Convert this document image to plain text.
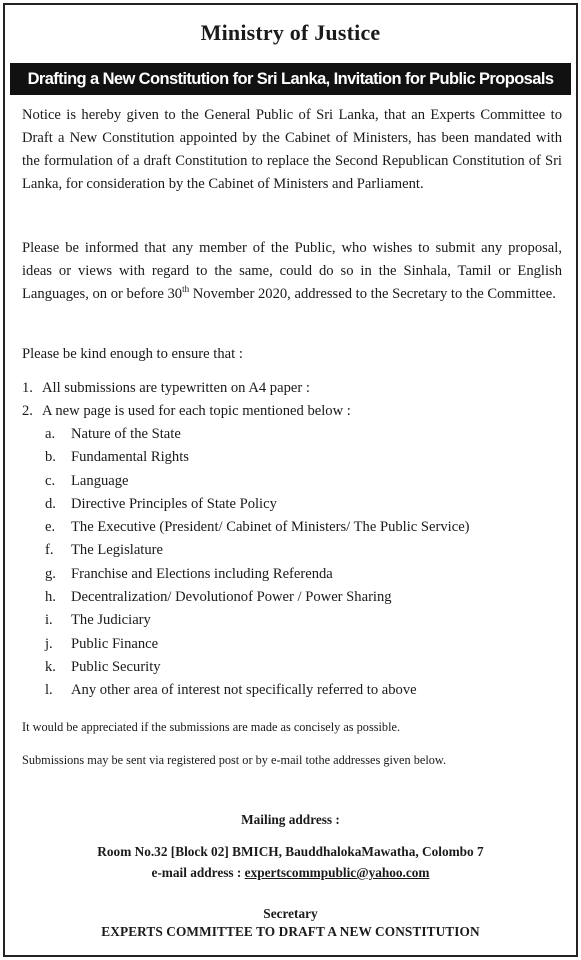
Ministry of Justice
Drafting a New Constitution for Sri Lanka, Invitation for Public Proposals
Notice is hereby given to the General Public of Sri Lanka, that an Experts Committee to Draft a New Constitution appointed by the Cabinet of Ministers, has been mandated with the formulation of a draft Constitution to replace the Second Republican Constitution of Sri Lanka, for consideration by the Cabinet of Ministers and Parliament.
Please be informed that any member of the Public, who wishes to submit any proposal, ideas or views with regard to the same, could do so in the Sinhala, Tamil or English Languages, on or before 30th November 2020, addressed to the Secretary to the Committee.
Please be kind enough to ensure that :
1. All submissions are typewritten on A4 paper :
2. A new page is used for each topic mentioned below :
a.	Nature of the State
b.	Fundamental Rights
c.	Language
d.	Directive Principles of State Policy
e.	The Executive (President/ Cabinet of Ministers/ The Public Service)
f.	The Legislature
g.	Franchise and Elections including Referenda
h.	Decentralization/ Devolutionof Power / Power Sharing
i.	The Judiciary
j.	Public Finance
k.	Public Security
l.	Any other area of interest not specifically referred to above
It would be appreciated if the submissions are made as concisely as possible.
Submissions may be sent via registered post or by e-mail tothe addresses given below.
Mailing address :
Room No.32 [Block 02] BMICH, BauddhalokaMawatha, Colombo 7
e-mail address : expertscommpublic@yahoo.com
Secretary
EXPERTS COMMITTEE TO DRAFT A NEW CONSTITUTION
